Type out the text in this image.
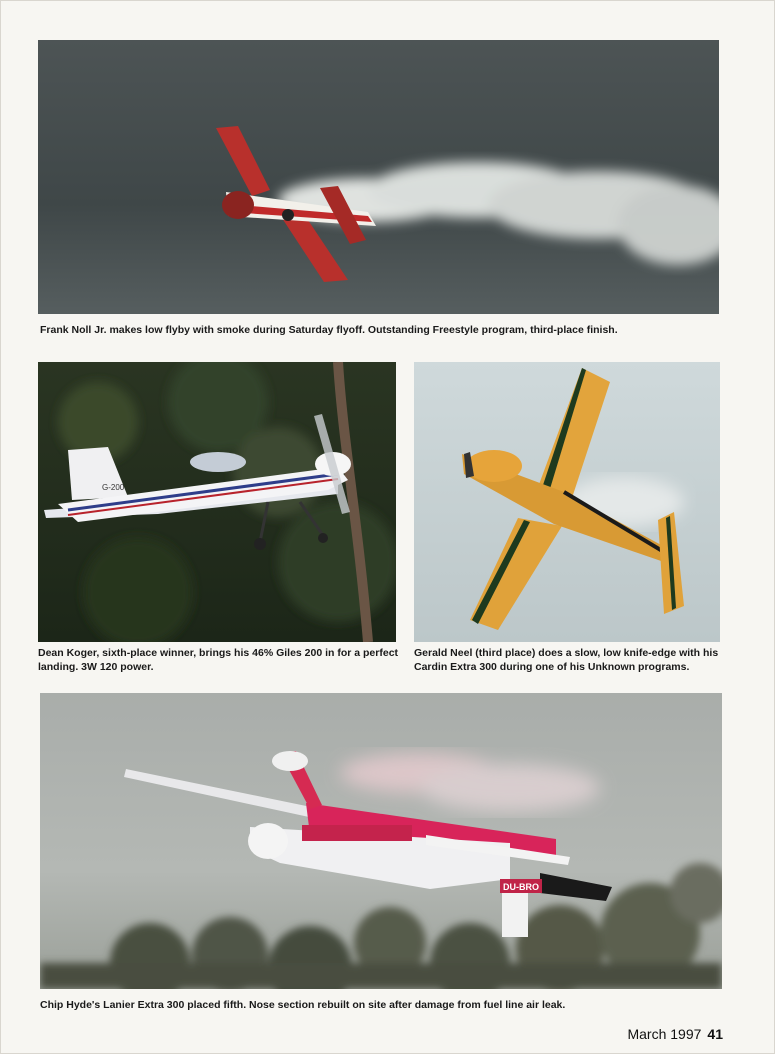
Frank Noll Jr. makes low flyby with smoke during Saturday flyoff. Outstanding Freestyle program, third-place finish.

G-200

Dean Koger, sixth-place winner, brings his 46% Giles 200 in for a perfect landing. 3W 120 power.

Gerald Neel (third place) does a slow, low knife-edge with his Cardin Extra 300 during one of his Unknown programs.

DU-BRO

Chip Hyde's Lanier Extra 300 placed fifth. Nose section rebuilt on site after damage from fuel line air leak.

March 1997 41
